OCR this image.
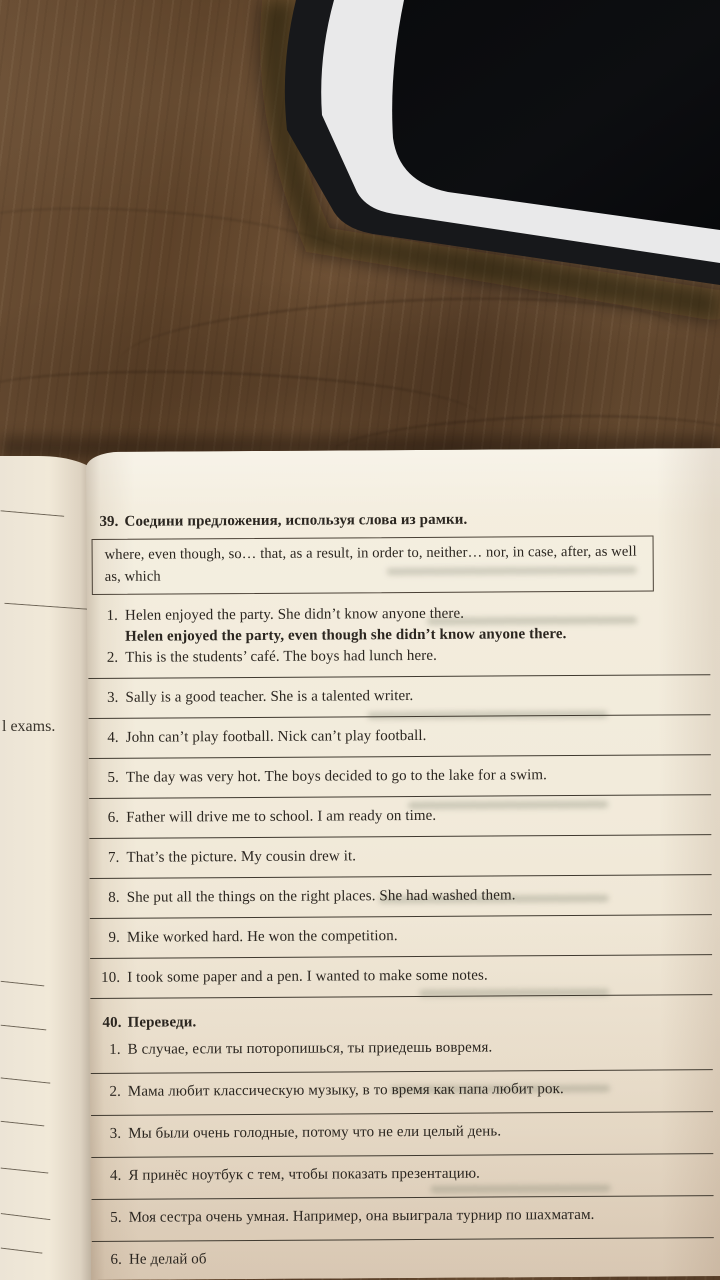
l exams.
39. Соедини предложения, используя слова из рамки.
where, even though, so… that, as a result, in order to, neither… nor, in case, after, as well as, which
1. Helen enjoyed the party. She didn’t know anyone there.
Helen enjoyed the party, even though she didn’t know anyone there.
2. This is the students’ café. The boys had lunch here.
3. Sally is a good teacher. She is a talented writer.
4. John can’t play football. Nick can’t play football.
5. The day was very hot. The boys decided to go to the lake for a swim.
6. Father will drive me to school. I am ready on time.
7. That’s the picture. My cousin drew it.
8. She put all the things on the right places. She had washed them.
9. Mike worked hard. He won the competition.
10. I took some paper and a pen. I wanted to make some notes.
40. Переведи.
1. В случае, если ты поторопишься, ты приедешь вовремя.
2. Мама любит классическую музыку, в то время как папа любит рок.
3. Мы были очень голодные, потому что не ели целый день.
4. Я принёс ноутбук с тем, чтобы показать презентацию.
5. Моя сестра очень умная. Например, она выиграла турнир по шахматам.
6. Не делай об
